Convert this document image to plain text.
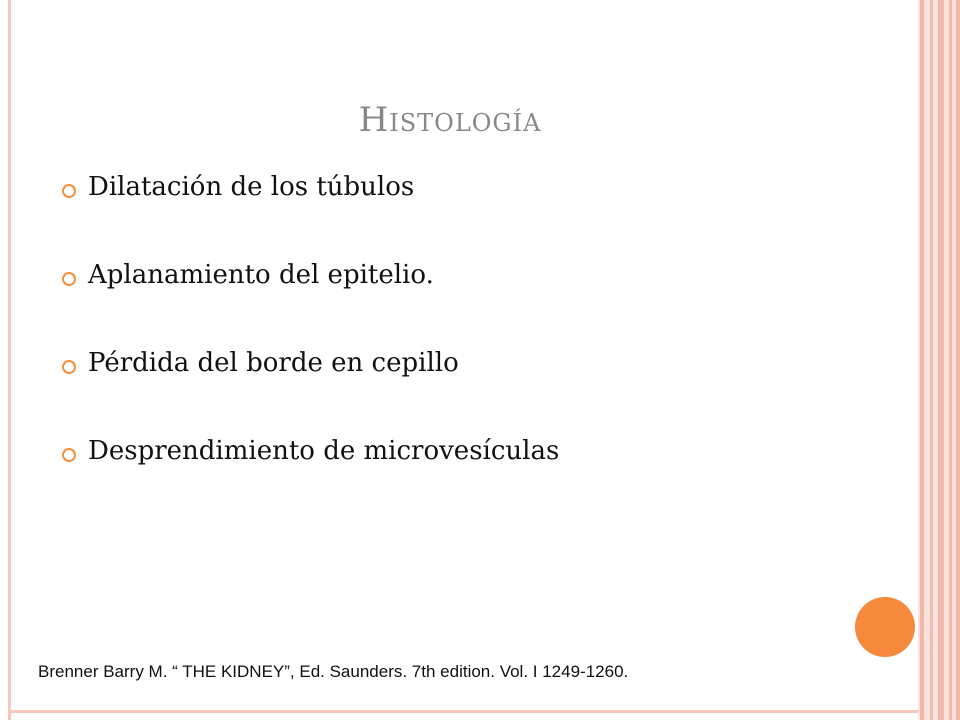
Histología
Dilatación de los túbulos
Aplanamiento del epitelio.
Pérdida del borde en cepillo
Desprendimiento de microvesículas
Brenner Barry M. “ THE KIDNEY”, Ed. Saunders. 7th edition. Vol. I 1249-1260.
